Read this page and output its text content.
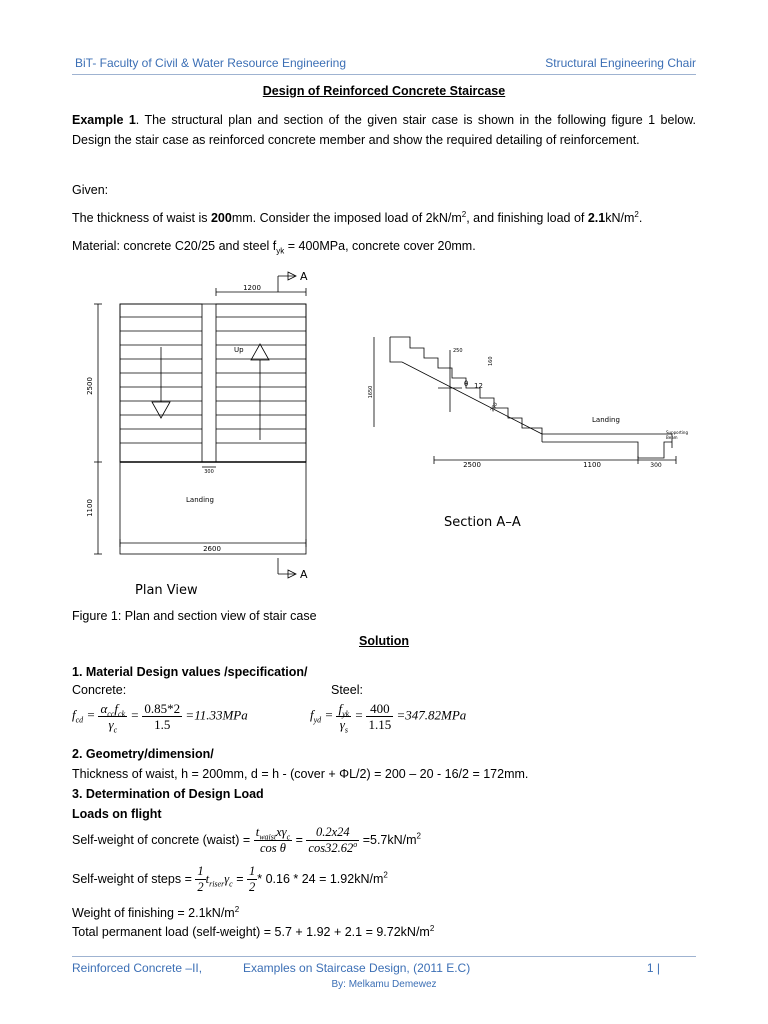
BiT- Faculty of Civil & Water Resource Engineering	Structural Engineering Chair
Design of Reinforced Concrete Staircase
Example 1. The structural plan and section of the given stair case is shown in the following figure 1 below. Design the stair case as reinforced concrete member and show the required detailing of reinforcement.
Given:
The thickness of waist is 200mm. Consider the imposed load of $2kN/m^2$, and finishing load of $2.1kN/m^2$.
Material: concrete C20/25 and steel $f_{yk} = 400MPa$, concrete cover 20mm.
1200
2500
1100
2600
300
Up
Landing
A
A
Plan View
1650
2500	1100	300
Landing
Supporting
Beam
250
160
12
θ
200
Section A–A
Figure 1: Plan and section view of stair case
Solution
1. Material Design values /specification/
Concrete:	Steel:
$f_{cd} = \frac{\alpha_{cc}f_{ck}}{\gamma_c} = \frac{0.85*2}{1.5} =11.33MPa$	$f_{yd} = \frac{f_{yk}}{\gamma_s} = \frac{400}{1.15} =347.82MPa$
2. Geometry/dimension/
Thickness of waist, h = 200mm, d = h - (cover + ΦL/2) = 200 – 20 - 16/2 = 172mm.
3. Determination of Design Load
Loads on flight
Self-weight of concrete (waist) = $\frac{t_{waist}x\gamma_c}{\text{cos θ}} = \frac{0.2x24}{\cos 32.62^o} =5.7kN/m^2$
Self-weight of steps = $\frac{1}{2} t_{riser}\gamma_c = \frac{1}{2} * 0.16 * 24 = 1.92kN/m^2$
Weight of finishing = $2.1kN/m^2$
Total permanent load (self-weight) = $5.7 + 1.92 + 2.1 = 9.72kN/m^2$
Reinforced Concrete –II,	Examples on Staircase Design, (2011 E.C)	1 |
By: Melkamu Demewez
